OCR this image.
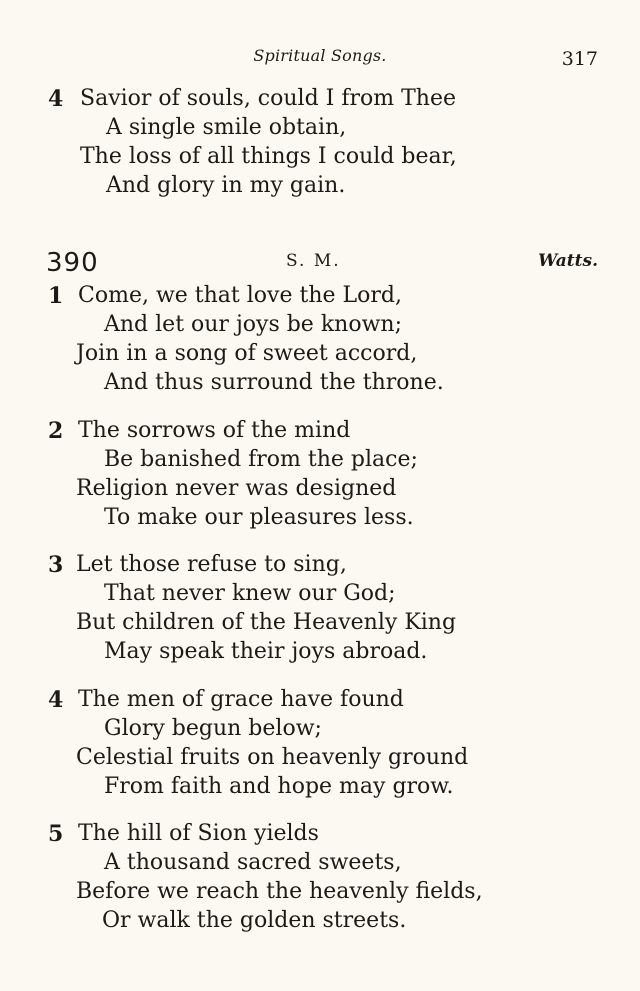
Spiritual Songs.	317
4 Savior of souls, could I from Thee
A single smile obtain,
The loss of all things I could bear,
And glory in my gain.
390	S. M.	Watts.
1 Come, we that love the Lord,
And let our joys be known;
Join in a song of sweet accord,
And thus surround the throne.
2 The sorrows of the mind
Be banished from the place;
Religion never was designed
To make our pleasures less.
3 Let those refuse to sing,
That never knew our God;
But children of the Heavenly King
May speak their joys abroad.
4 The men of grace have found
Glory begun below;
Celestial fruits on heavenly ground
From faith and hope may grow.
5 The hill of Sion yields
A thousand sacred sweets,
Before we reach the heavenly fields,
Or walk the golden streets.
